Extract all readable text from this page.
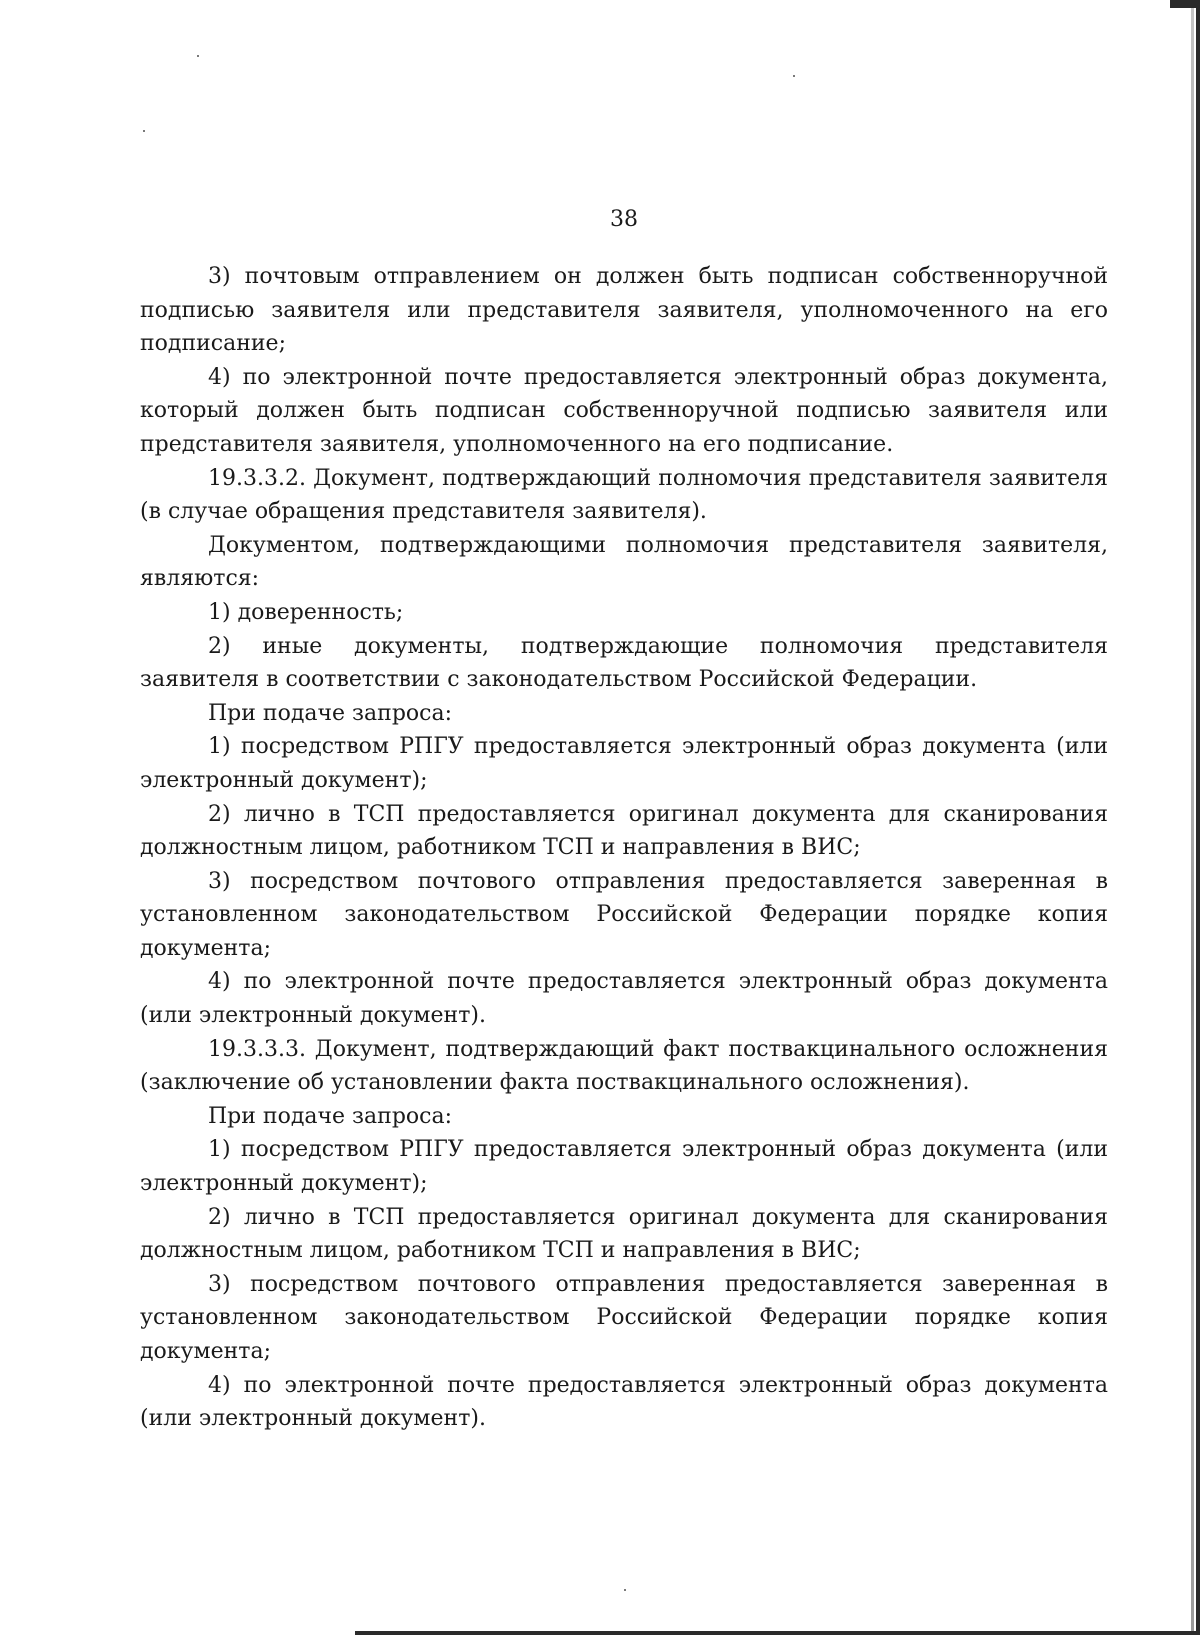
38

3) почтовым отправлением он должен быть подписан собственноручной подписью заявителя или представителя заявителя, уполномоченного на его подписание;

4) по электронной почте предоставляется электронный образ документа, который должен быть подписан собственноручной подписью заявителя или представителя заявителя, уполномоченного на его подписание.

19.3.3.2. Документ, подтверждающий полномочия представителя заявителя (в случае обращения представителя заявителя).

Документом, подтверждающими полномочия представителя заявителя, являются:

1) доверенность;

2) иные документы, подтверждающие полномочия представителя заявителя в соответствии с законодательством Российской Федерации.

При подаче запроса:

1) посредством РПГУ предоставляется электронный образ документа (или электронный документ);

2) лично в ТСП предоставляется оригинал документа для сканирования должностным лицом, работником ТСП и направления в ВИС;

3) посредством почтового отправления предоставляется заверенная в установленном законодательством Российской Федерации порядке копия документа;

4) по электронной почте предоставляется электронный образ документа (или электронный документ).

19.3.3.3. Документ, подтверждающий факт поствакцинального осложнения (заключение об установлении факта поствакцинального осложнения).

При подаче запроса:

1) посредством РПГУ предоставляется электронный образ документа (или электронный документ);

2) лично в ТСП предоставляется оригинал документа для сканирования должностным лицом, работником ТСП и направления в ВИС;

3) посредством почтового отправления предоставляется заверенная в установленном законодательством Российской Федерации порядке копия документа;

4) по электронной почте предоставляется электронный образ документа (или электронный документ).
